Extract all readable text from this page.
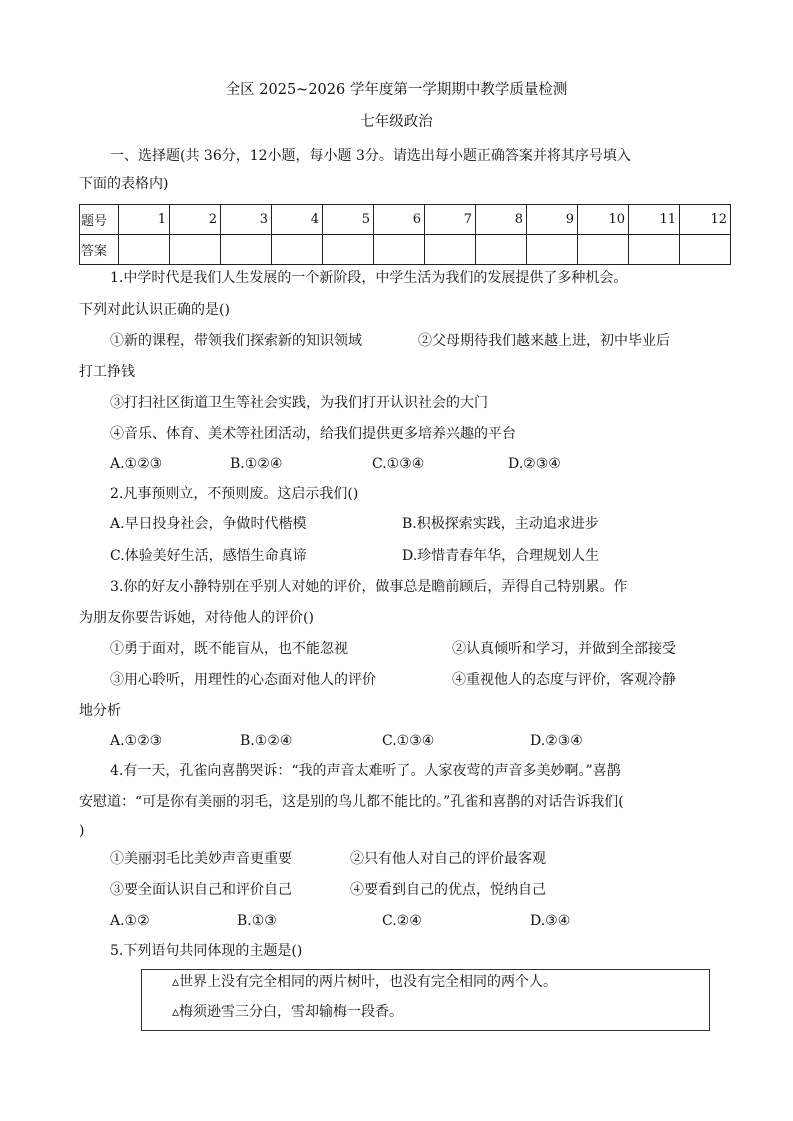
全区 2025~2026 学年度第一学期期中教学质量检测
七年级政治
一、选择题(共 36分，12小题，每小题 3分。请选出每小题正确答案并将其序号填入
下面的表格内)
题号	1	2	3	4	5	6	7	8	9	10	11	12
答案												
1.中学时代是我们人生发展的一个新阶段，中学生活为我们的发展提供了多种机会。
下列对此认识正确的是()
①新的课程，带领我们探索新的知识领域	②父母期待我们越来越上进，初中毕业后
打工挣钱
③打扫社区街道卫生等社会实践，为我们打开认识社会的大门
④音乐、体育、美术等社团活动，给我们提供更多培养兴趣的平台
A.①②③	B.①②④	C.①③④	D.②③④
2.凡事预则立，不预则废。这启示我们()
A.早日投身社会，争做时代楷模	B.积极探索实践，主动追求进步
C.体验美好生活，感悟生命真谛	D.珍惜青春年华，合理规划人生
3.你的好友小静特别在乎别人对她的评价，做事总是瞻前顾后，弄得自己特别累。作
为朋友你要告诉她，对待他人的评价()
①勇于面对，既不能盲从，也不能忽视	②认真倾听和学习，并做到全部接受
③用心聆听，用理性的心态面对他人的评价	④重视他人的态度与评价，客观冷静
地分析
A.①②③	B.①②④	C.①③④	D.②③④
4.有一天，孔雀向喜鹊哭诉：“我的声音太难听了。人家夜莺的声音多美妙啊。”喜鹊
安慰道：“可是你有美丽的羽毛，这是别的鸟儿都不能比的。”孔雀和喜鹊的对话告诉我们(
)
①美丽羽毛比美妙声音更重要	②只有他人对自己的评价最客观
③要全面认识自己和评价自己	④要看到自己的优点，悦纳自己
A.①②	B.①③	C.②④	D.③④
5.下列语句共同体现的主题是()
▵世界上没有完全相同的两片树叶，也没有完全相同的两个人。
▵梅须逊雪三分白，雪却输梅一段香。
